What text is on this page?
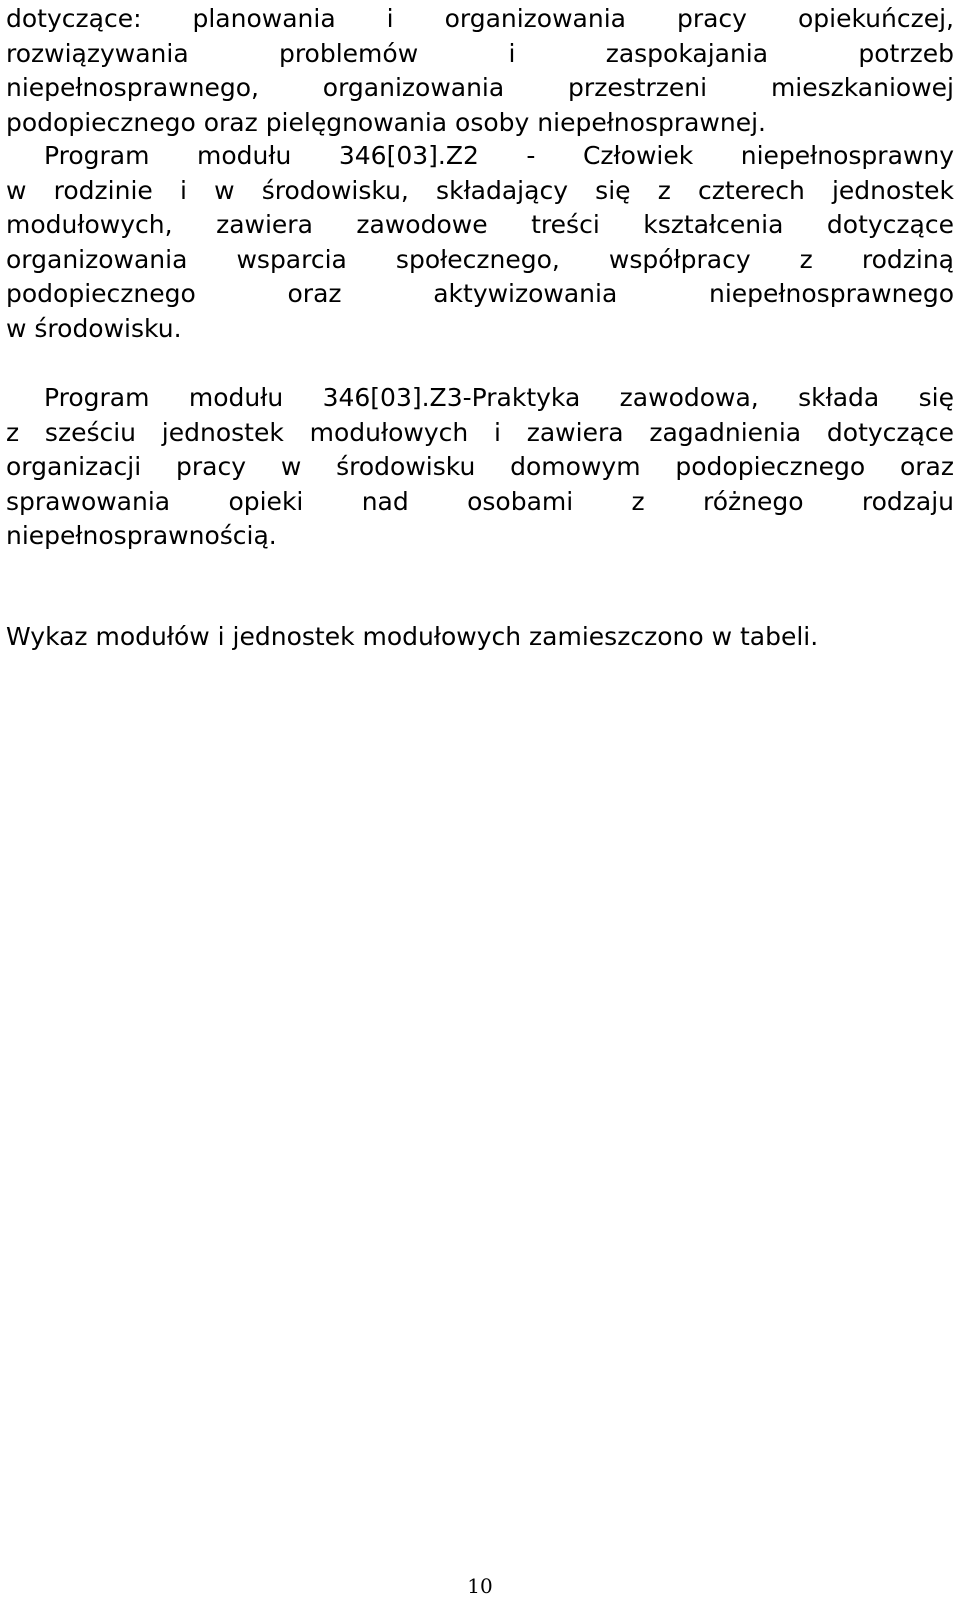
dotyczące: planowania i organizowania pracy opiekuńczej,
rozwiązywania problemów i zaspokajania potrzeb
niepełnosprawnego, organizowania przestrzeni mieszkaniowej
podopiecznego oraz pielęgnowania osoby niepełnosprawnej.
Program modułu 346[03].Z2 - Człowiek niepełnosprawny
w rodzinie i w środowisku, składający się z czterech jednostek
modułowych, zawiera zawodowe treści kształcenia dotyczące
organizowania wsparcia społecznego, współpracy z rodziną
podopiecznego oraz aktywizowania niepełnosprawnego
w środowisku.
Program modułu 346[03].Z3-Praktyka zawodowa, składa się
z sześciu jednostek modułowych i zawiera zagadnienia dotyczące
organizacji pracy w środowisku domowym podopiecznego oraz
sprawowania opieki nad osobami z różnego rodzaju
niepełnosprawnością.
Wykaz modułów i jednostek modułowych zamieszczono w tabeli.
10
